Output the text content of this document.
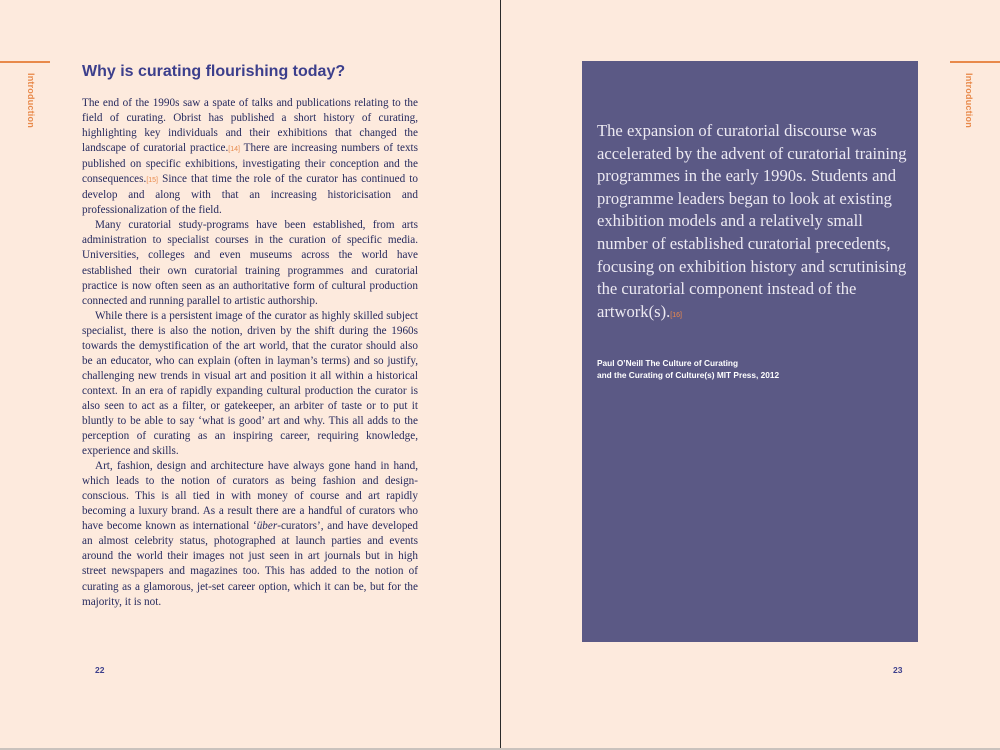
Introduction
Why is curating flourishing today?

The end of the 1990s saw a spate of talks and publications relating to the field of curating. Obrist has published a short history of curating, highlighting key individuals and their exhibitions that changed the landscape of curatorial practice.[14] There are increasing numbers of texts published on specific exhibitions, investigating their conception and the consequences.[15] Since that time the role of the curator has continued to develop and along with that an increasing historicisation and professionalization of the field.

Many curatorial study-programs have been established, from arts administration to specialist courses in the curation of specific media. Universities, colleges and even museums across the world have established their own curatorial training programmes and curatorial practice is now often seen as an authoritative form of cultural production connected and running parallel to artistic authorship.

While there is a persistent image of the curator as highly skilled subject specialist, there is also the notion, driven by the shift during the 1960s towards the demystification of the art world, that the curator should also be an educator, who can explain (often in layman’s terms) and so justify, challenging new trends in visual art and position it all within a historical context. In an era of rapidly expanding cultural production the curator is also seen to act as a filter, or gatekeeper, an arbiter of taste or to put it bluntly to be able to say ‘what is good’ art and why. This all adds to the perception of curating as an inspiring career, requiring knowledge, experience and skills.

Art, fashion, design and architecture have always gone hand in hand, which leads to the notion of curators as being fashion and design-conscious. This is all tied in with money of course and art rapidly becoming a luxury brand. As a result there are a handful of curators who have become known as international ‘über-curators’, and have developed an almost celebrity status, photographed at launch parties and events around the world their images not just seen in art journals but in high street newspapers and magazines too. This has added to the notion of curating as a glamorous, jet-set career option, which it can be, but for the majority, it is not.

22
Introduction

The expansion of curatorial discourse was accelerated by the advent of curatorial training programmes in the early 1990s. Students and programme leaders began to look at existing exhibition models and a relatively small number of established curatorial precedents, focusing on exhibition history and scrutinising the curatorial component instead of the artwork(s).[16]

Paul O’Neill The Culture of Curating
and the Curating of Culture(s) MIT Press, 2012
23
